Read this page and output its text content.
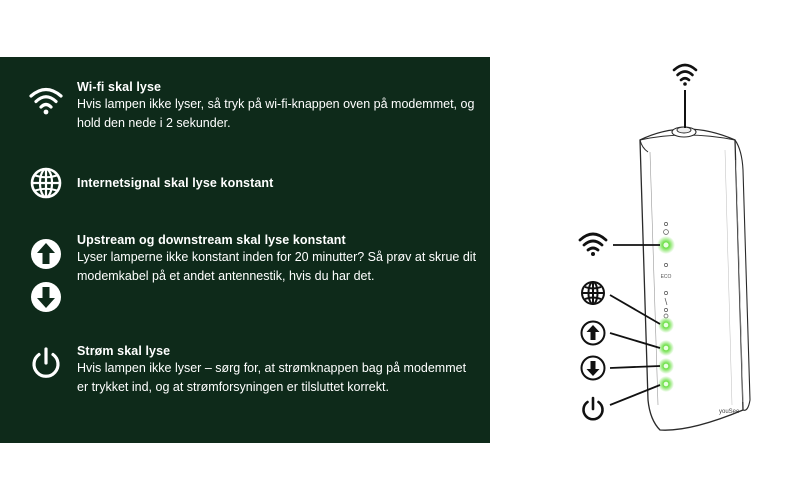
Wi-fi skal lyse
Hvis lampen ikke lyser, så tryk på wi-fi-knappen oven på modemmet, og hold den nede i 2 sekunder.
Internetsignal skal lyse konstant
Upstream og downstream skal lyse konstant
Lyser lamperne ikke konstant inden for 20 minutter? Så prøv at skrue dit modemkabel på et andet antennestik, hvis du har det.
Strøm skal lyse
Hvis lampen ikke lyser – sørg for, at strømknappen bag på modemmet er trykket ind, og at strømforsyningen er tilsluttet korrekt.
ECO
youSee
